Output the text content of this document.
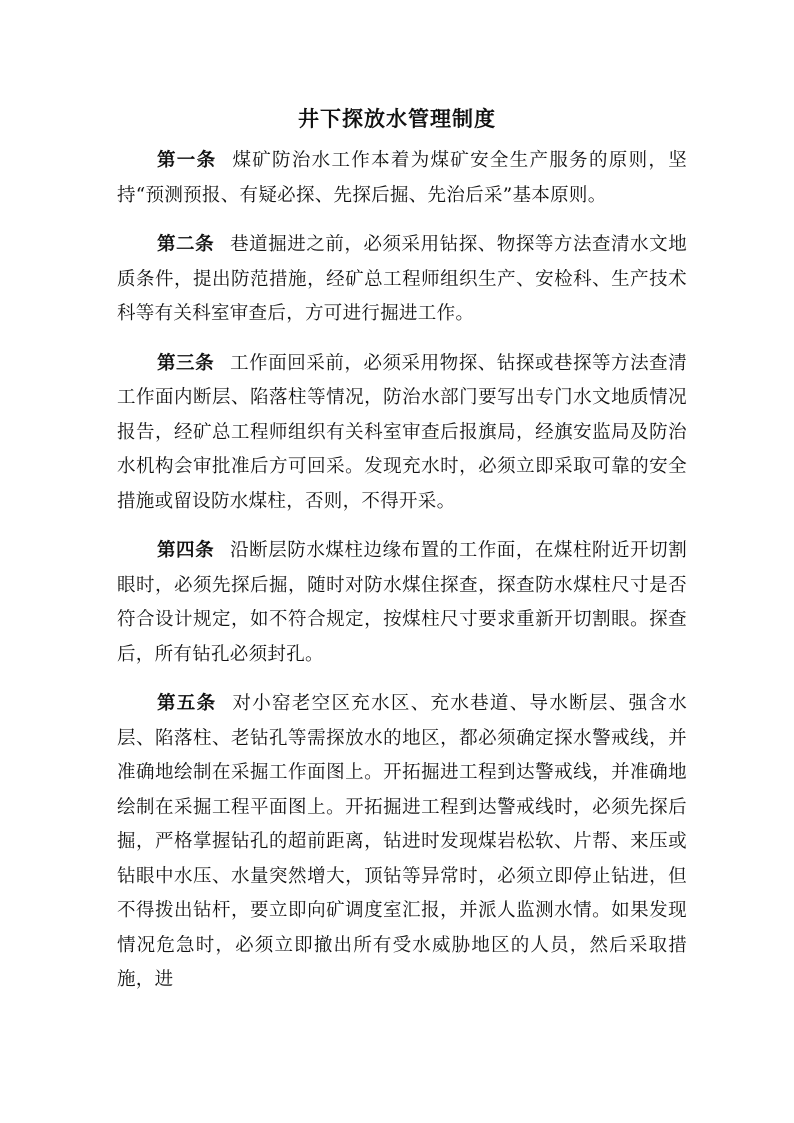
井下探放水管理制度

第一条 煤矿防治水工作本着为煤矿安全生产服务的原则，坚持“预测预报、有疑必探、先探后掘、先治后采”基本原则。

第二条 巷道掘进之前，必须采用钻探、物探等方法查清水文地质条件，提出防范措施，经矿总工程师组织生产、安检科、生产技术科等有关科室审查后，方可进行掘进工作。

第三条 工作面回采前，必须采用物探、钻探或巷探等方法查清工作面内断层、陷落柱等情况，防治水部门要写出专门水文地质情况报告，经矿总工程师组织有关科室审查后报旗局，经旗安监局及防治水机构会审批准后方可回采。发现充水时，必须立即采取可靠的安全措施或留设防水煤柱，否则，不得开采。

第四条 沿断层防水煤柱边缘布置的工作面，在煤柱附近开切割眼时，必须先探后掘，随时对防水煤住探查，探查防水煤柱尺寸是否符合设计规定，如不符合规定，按煤柱尺寸要求重新开切割眼。探查后，所有钻孔必须封孔。

第五条 对小窑老空区充水区、充水巷道、导水断层、强含水层、陷落柱、老钻孔等需探放水的地区，都必须确定探水警戒线，并准确地绘制在采掘工作面图上。开拓掘进工程到达警戒线，并准确地绘制在采掘工程平面图上。开拓掘进工程到达警戒线时，必须先探后掘，严格掌握钻孔的超前距离，钻进时发现煤岩松软、片帮、来压或钻眼中水压、水量突然增大，顶钻等异常时，必须立即停止钻进，但不得拨出钻杆，要立即向矿调度室汇报，并派人监测水情。如果发现情况危急时，必须立即撤出所有受水威胁地区的人员，然后采取措施，进
